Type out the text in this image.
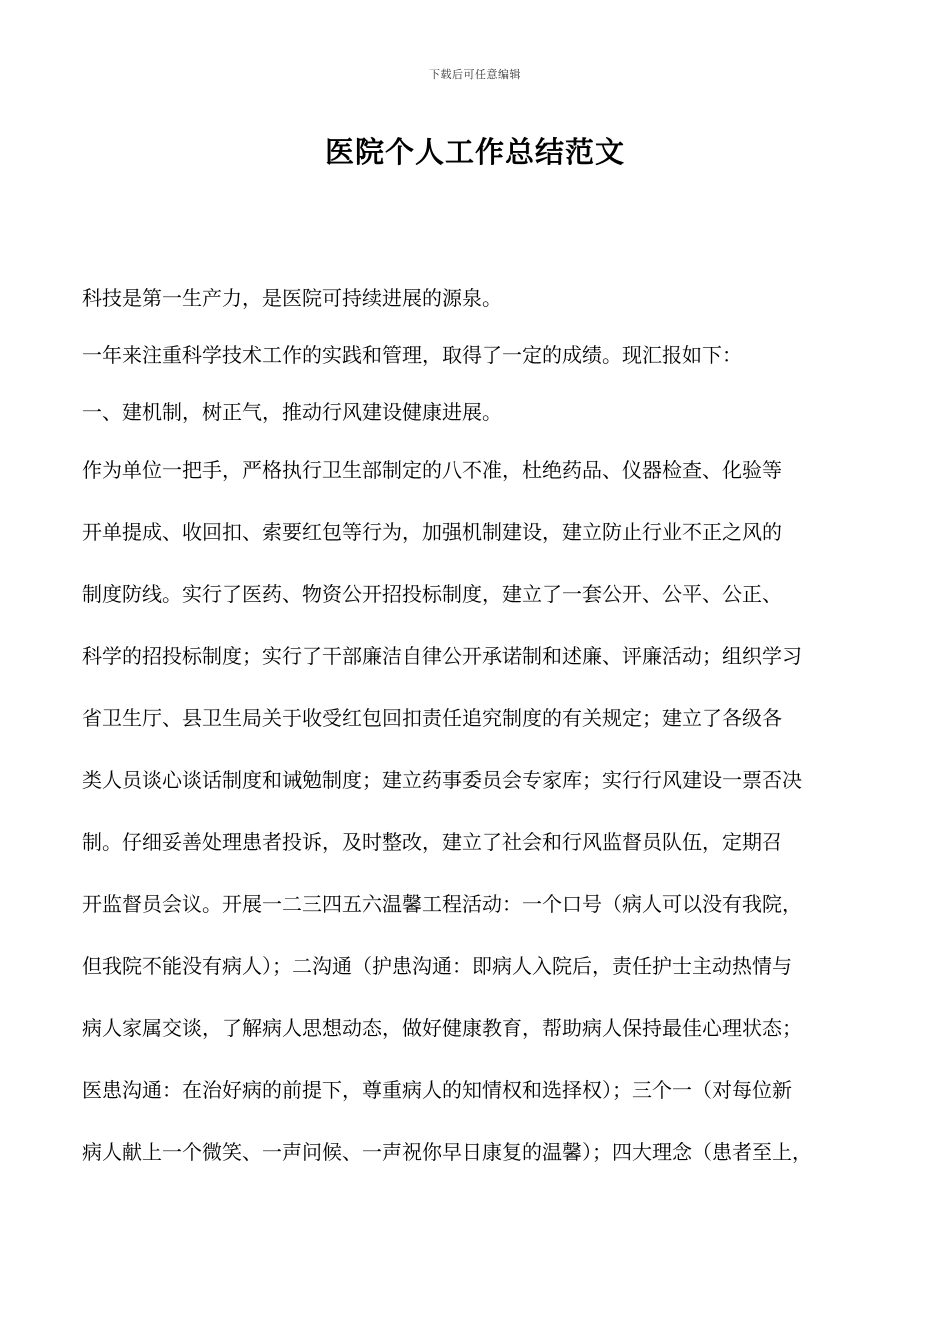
下载后可任意编辑
医院个人工作总结范文
科技是第一生产力，是医院可持续进展的源泉。
一年来注重科学技术工作的实践和管理，取得了一定的成绩。现汇报如下：
一、建机制，树正气，推动行风建设健康进展。
作为单位一把手，严格执行卫生部制定的八不准，杜绝药品、仪器检查、化验等
开单提成、收回扣、索要红包等行为，加强机制建设，建立防止行业不正之风的
制度防线。实行了医药、物资公开招投标制度，建立了一套公开、公平、公正、
科学的招投标制度；实行了干部廉洁自律公开承诺制和述廉、评廉活动；组织学习
省卫生厅、县卫生局关于收受红包回扣责任追究制度的有关规定；建立了各级各
类人员谈心谈话制度和诫勉制度；建立药事委员会专家库；实行行风建设一票否决
制。仔细妥善处理患者投诉，及时整改，建立了社会和行风监督员队伍，定期召
开监督员会议。开展一二三四五六温馨工程活动：一个口号（病人可以没有我院，
但我院不能没有病人）；二沟通（护患沟通：即病人入院后，责任护士主动热情与
病人家属交谈，了解病人思想动态，做好健康教育，帮助病人保持最佳心理状态；
医患沟通：在治好病的前提下，尊重病人的知情权和选择权）；三个一（对每位新
病人献上一个微笑、一声问候、一声祝你早日康复的温馨）；四大理念（患者至上，
